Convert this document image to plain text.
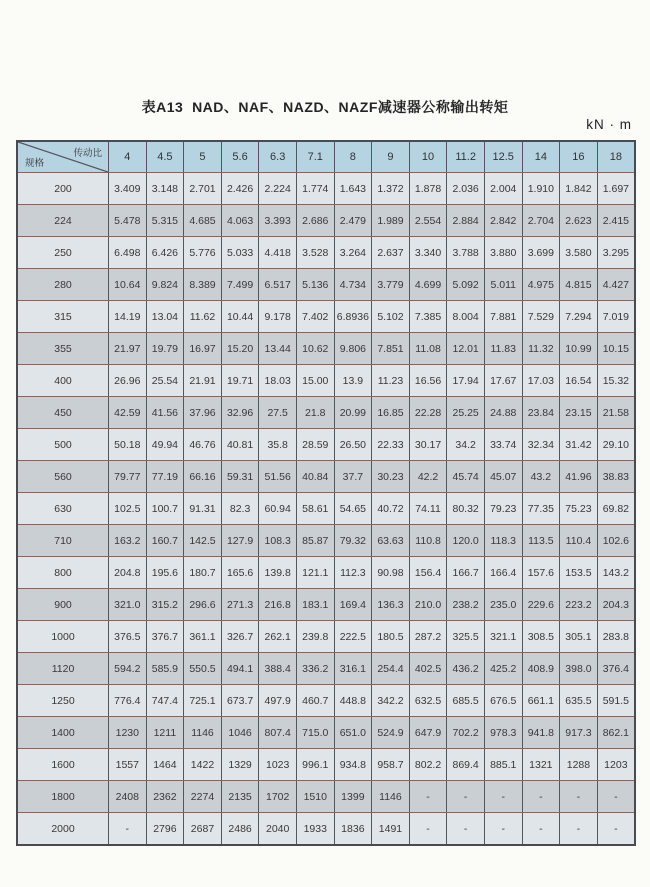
表A13  NAD、NAF、NAZD、NAZF减速器公称输出转矩
kN · m
传动比
规格	4	4.5	5	5.6	6.3	7.1	8	9	10	11.2	12.5	14	16	18
200	3.409	3.148	2.701	2.426	2.224	1.774	1.643	1.372	1.878	2.036	2.004	1.910	1.842	1.697
224	5.478	5.315	4.685	4.063	3.393	2.686	2.479	1.989	2.554	2.884	2.842	2.704	2.623	2.415
250	6.498	6.426	5.776	5.033	4.418	3.528	3.264	2.637	3.340	3.788	3.880	3.699	3.580	3.295
280	10.64	9.824	8.389	7.499	6.517	5.136	4.734	3.779	4.699	5.092	5.011	4.975	4.815	4.427
315	14.19	13.04	11.62	10.44	9.178	7.402	6.8936	5.102	7.385	8.004	7.881	7.529	7.294	7.019
355	21.97	19.79	16.97	15.20	13.44	10.62	9.806	7.851	11.08	12.01	11.83	11.32	10.99	10.15
400	26.96	25.54	21.91	19.71	18.03	15.00	13.9	11.23	16.56	17.94	17.67	17.03	16.54	15.32
450	42.59	41.56	37.96	32.96	27.5	21.8	20.99	16.85	22.28	25.25	24.88	23.84	23.15	21.58
500	50.18	49.94	46.76	40.81	35.8	28.59	26.50	22.33	30.17	34.2	33.74	32.34	31.42	29.10
560	79.77	77.19	66.16	59.31	51.56	40.84	37.7	30.23	42.2	45.74	45.07	43.2	41.96	38.83
630	102.5	100.7	91.31	82.3	60.94	58.61	54.65	40.72	74.11	80.32	79.23	77.35	75.23	69.82
710	163.2	160.7	142.5	127.9	108.3	85.87	79.32	63.63	110.8	120.0	118.3	113.5	110.4	102.6
800	204.8	195.6	180.7	165.6	139.8	121.1	112.3	90.98	156.4	166.7	166.4	157.6	153.5	143.2
900	321.0	315.2	296.6	271.3	216.8	183.1	169.4	136.3	210.0	238.2	235.0	229.6	223.2	204.3
1000	376.5	376.7	361.1	326.7	262.1	239.8	222.5	180.5	287.2	325.5	321.1	308.5	305.1	283.8
1120	594.2	585.9	550.5	494.1	388.4	336.2	316.1	254.4	402.5	436.2	425.2	408.9	398.0	376.4
1250	776.4	747.4	725.1	673.7	497.9	460.7	448.8	342.2	632.5	685.5	676.5	661.1	635.5	591.5
1400	1230	1211	1146	1046	807.4	715.0	651.0	524.9	647.9	702.2	978.3	941.8	917.3	862.1
1600	1557	1464	1422	1329	1023	996.1	934.8	958.7	802.2	869.4	885.1	1321	1288	1203
1800	2408	2362	2274	2135	1702	1510	1399	1146	-	-	-	-	-	-
2000	-	2796	2687	2486	2040	1933	1836	1491	-	-	-	-	-	-
